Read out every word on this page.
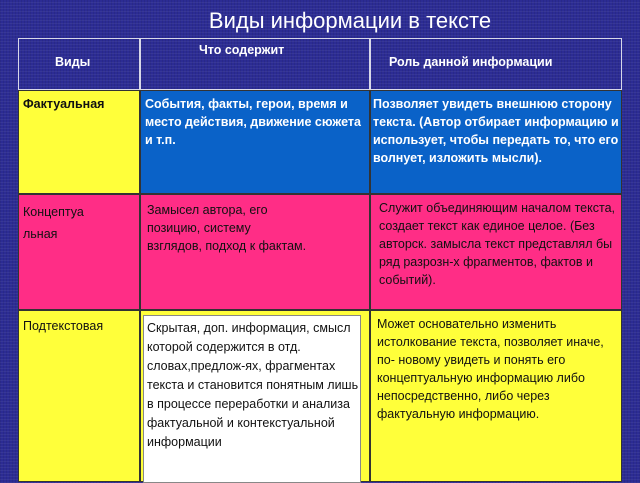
Виды информации в тексте
Виды
Что содержит
Роль данной информации
Фактуальная	События, факты, герои, время и место действия, движение сюжета и т.п.
Позволяет увидеть внешнюю сторону текста. (Автор отбирает информацию и использует, чтобы передать то, что его волнует, изложить мысли).
Концептуальная
Замысел автора, его позицию, систему взглядов, подход к фактам.
Служит объединяющим началом текста, создает текст как единое целое. (Без авторск. замысла текст представлял бы ряд разрозн-х фрагментов, фактов и событий).
Подтекстовая	Скрытая, доп. информация, смысл которой содержится в отд. словах,предлож-ях, фрагментах текста и становится понятным лишь в процессе переработки и анализа фактуальной и контекстуальной информации
Может основательно изменить истолкование текста, позволяет иначе, по- новому увидеть и понять его концептуальную информацию либо непосредственно, либо через фактуальную информацию.
